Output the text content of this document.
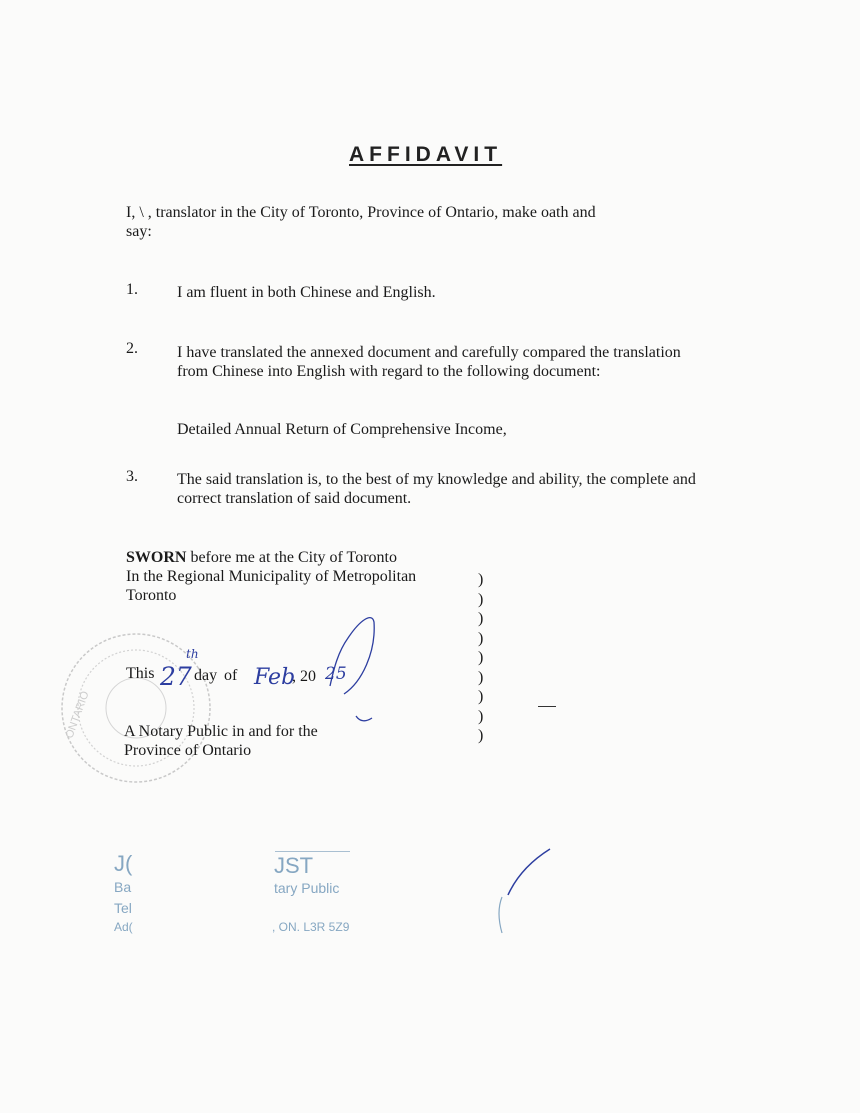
AFFIDAVIT
I, \ , translator in the City of Toronto, Province of Ontario, make oath and
say:
1. I am fluent in both Chinese and English.
2. I have translated the annexed document and carefully compared the translation
from Chinese into English with regard to the following document:
Detailed Annual Return of Comprehensive Income,
3. The said translation is, to the best of my knowledge and ability, the complete and
correct translation of said document.
SWORN before me at the City of Toronto
In the Regional Municipality of Metropolitan
Toronto
)
)
)
)
)
)
)
)
)
ONTARIO
This 27
th
day of Feb
, 20 25
A Notary Public in and for the
Province of Ontario
J(
Ba
Tel
Ad(
JST
tary Public
, ON. L3R 5Z9
